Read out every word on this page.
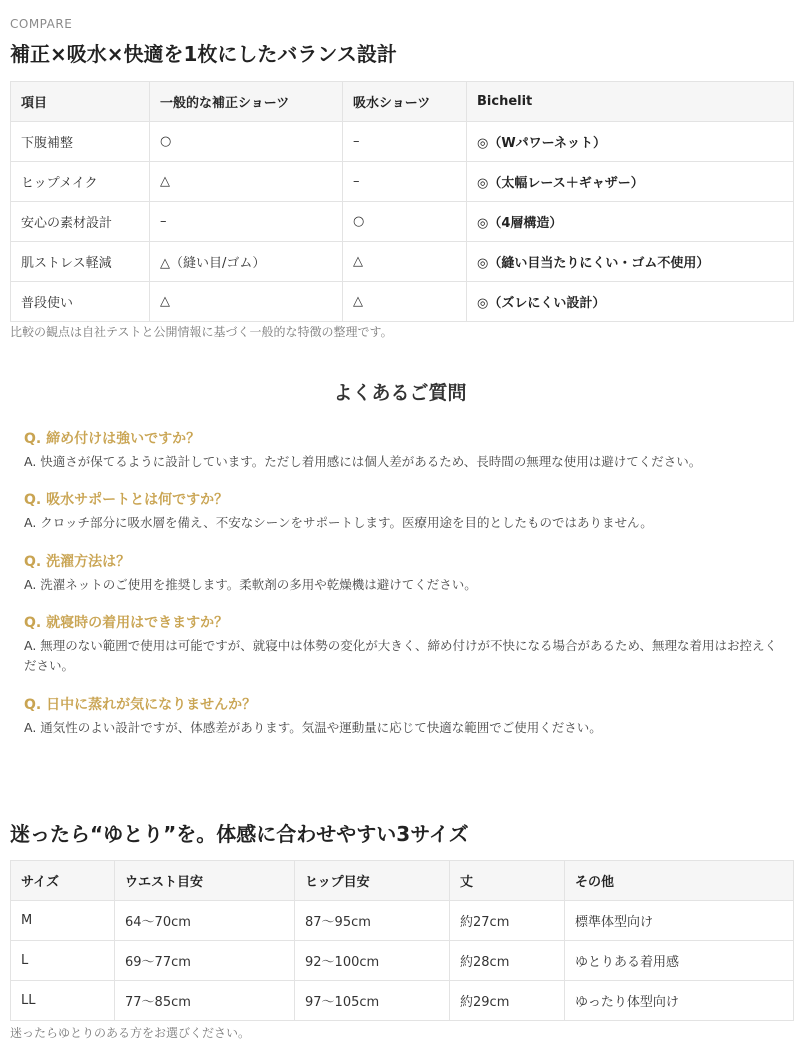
COMPARE
補正×吸水×快適を1枚にしたバランス設計
項目	一般的な補正ショーツ	吸水ショーツ	Bichelit
下腹補整	○	–	◎（Wパワーネット）
ヒップメイク	△	–	◎（太幅レース＋ギャザー）
安心の素材設計	–	○	◎（4層構造）
肌ストレス軽減	△（縫い目/ゴム）	△	◎（縫い目当たりにくい・ゴム不使用）
普段使い	△	△	◎（ズレにくい設計）

比較の観点は自社テストと公開情報に基づく一般的な特徴の整理です。

よくあるご質問
Q. 締め付けは強いですか？
A. 快適さが保てるように設計しています。ただし着用感には個人差があるため、長時間の無理な使用は避けてください。
Q. 吸水サポートとは何ですか？
A. クロッチ部分に吸水層を備え、不安なシーンをサポートします。医療用途を目的としたものではありません。
Q. 洗濯方法は？
A. 洗濯ネットのご使用を推奨します。柔軟剤の多用や乾燥機は避けてください。
Q. 就寝時の着用はできますか？
A. 無理のない範囲で使用は可能ですが、就寝中は体勢の変化が大きく、締め付けが不快になる場合があるため、無理な着用はお控えください。
Q. 日中に蒸れが気になりませんか？
A. 通気性のよい設計ですが、体感差があります。気温や運動量に応じて快適な範囲でご使用ください。
迷ったら“ゆとり”を。体感に合わせやすい3サイズ
サイズ	ウエスト目安	ヒップ目安	丈	その他
M	64〜70cm	87〜95cm	約27cm	標準体型向け
L	69〜77cm	92〜100cm	約28cm	ゆとりある着用感
LL	77〜85cm	97〜105cm	約29cm	ゆったり体型向け

迷ったらゆとりのある方をお選びください。
